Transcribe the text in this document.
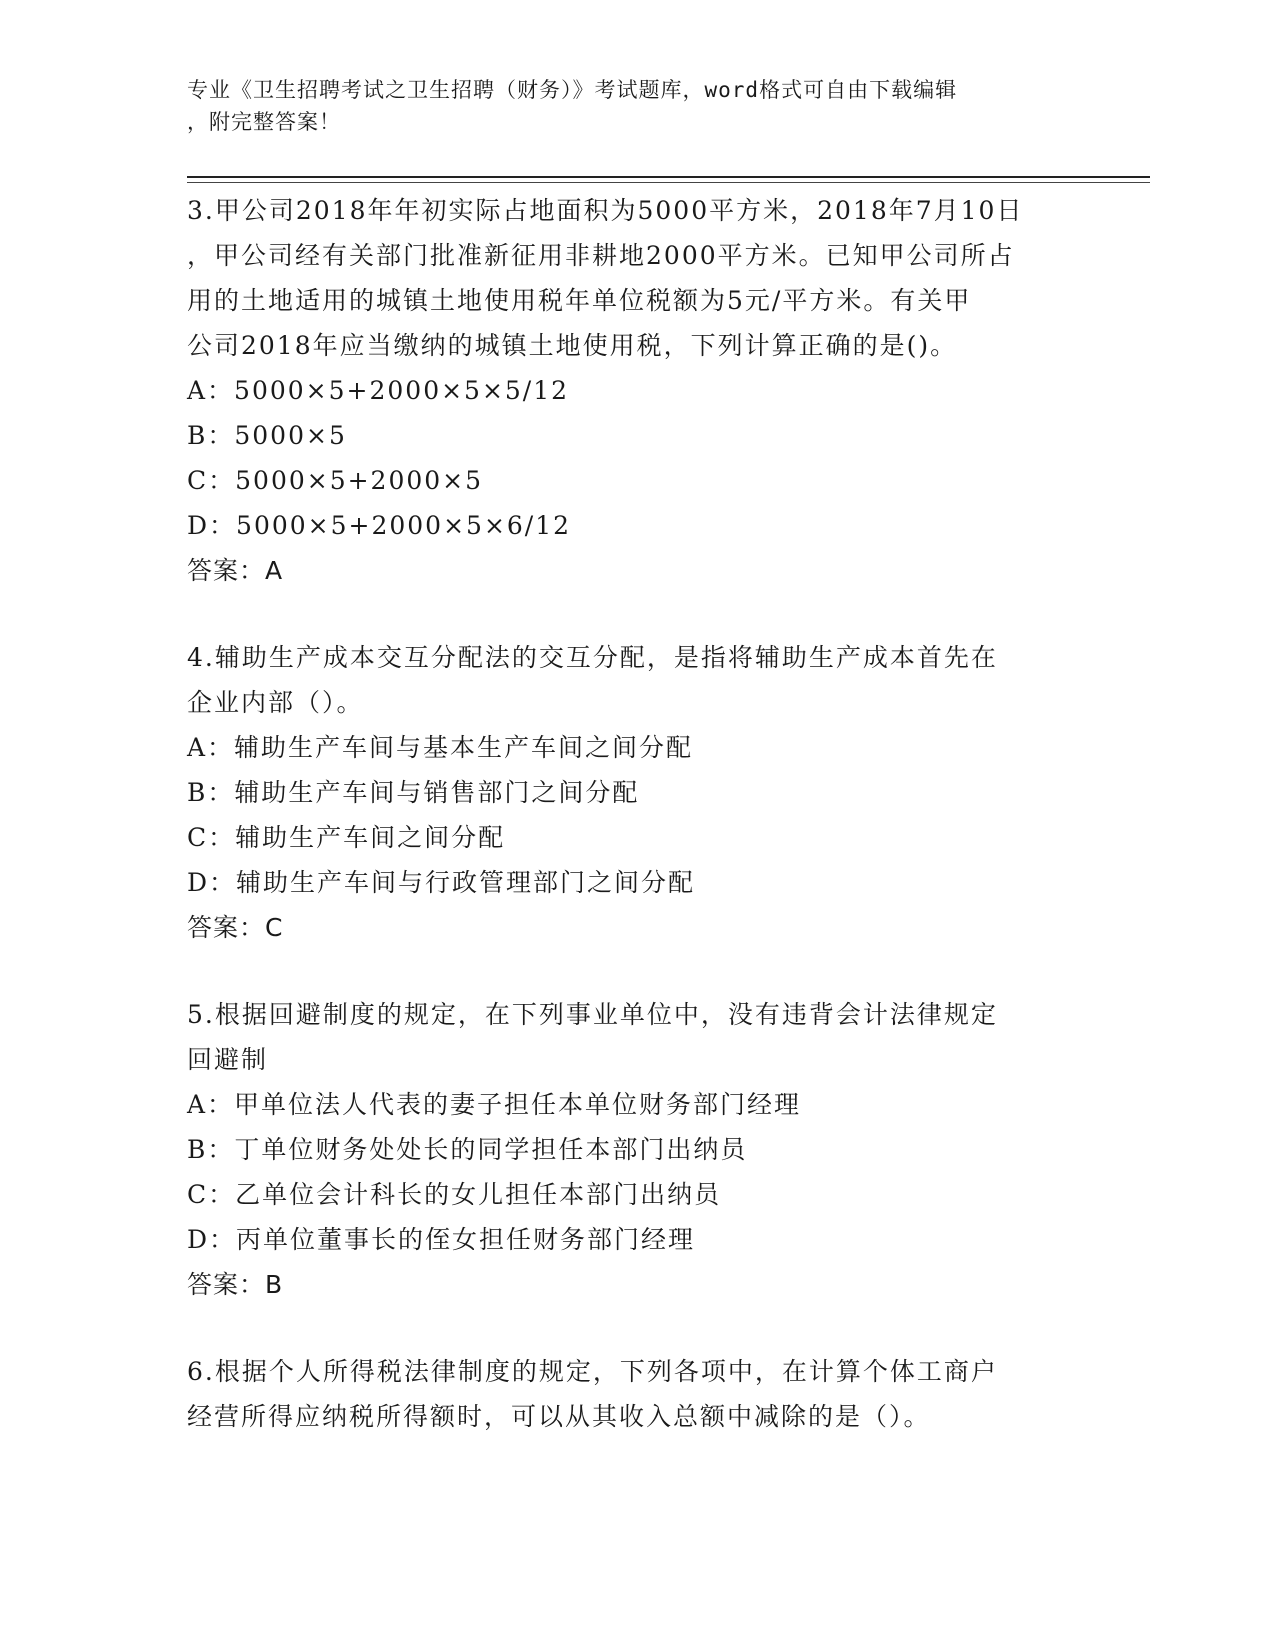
专业《卫生招聘考试之卫生招聘（财务）》考试题库，word格式可自由下载编辑
，附完整答案！
3.甲公司2018年年初实际占地面积为5000平方米，2018年7月10日
，甲公司经有关部门批准新征用非耕地2000平方米。已知甲公司所占
用的土地适用的城镇土地使用税年单位税额为5元/平方米。有关甲
公司2018年应当缴纳的城镇土地使用税，下列计算正确的是()。
A：5000×5+2000×5×5/12
B：5000×5
C：5000×5+2000×5
D：5000×5+2000×5×6/12
答案：A
4.辅助生产成本交互分配法的交互分配，是指将辅助生产成本首先在
企业内部（）。
A：辅助生产车间与基本生产车间之间分配
B：辅助生产车间与销售部门之间分配
C：辅助生产车间之间分配
D：辅助生产车间与行政管理部门之间分配
答案：C
5.根据回避制度的规定，在下列事业单位中，没有违背会计法律规定
回避制
A：甲单位法人代表的妻子担任本单位财务部门经理
B：丁单位财务处处长的同学担任本部门出纳员
C：乙单位会计科长的女儿担任本部门出纳员
D：丙单位董事长的侄女担任财务部门经理
答案：B
6.根据个人所得税法律制度的规定，下列各项中，在计算个体工商户
经营所得应纳税所得额时，可以从其收入总额中减除的是（）。
